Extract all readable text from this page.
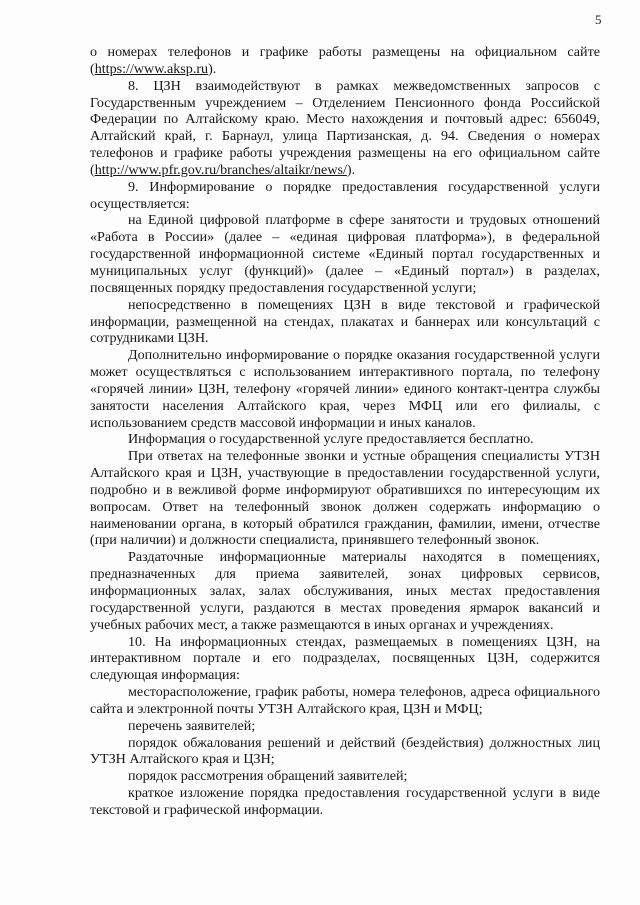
5

о номерах телефонов и графике работы размещены на официальном сайте (https://www.aksp.ru).

8. ЦЗН взаимодействуют в рамках межведомственных запросов с Государственным учреждением – Отделением Пенсионного фонда Российской Федерации по Алтайскому краю. Место нахождения и почтовый адрес: 656049, Алтайский край, г. Барнаул, улица Партизанская, д. 94. Сведения о номерах телефонов и графике работы учреждения размещены на его официальном сайте (http://www.pfr.gov.ru/branches/altaikr/news/).

9. Информирование о порядке предоставления государственной услуги осуществляется:

на Единой цифровой платформе в сфере занятости и трудовых отношений «Работа в России» (далее – «единая цифровая платформа»), в федеральной государственной информационной системе «Единый портал государственных и муниципальных услуг (функций)» (далее – «Единый портал») в разделах, посвященных порядку предоставления государственной услуги;

непосредственно в помещениях ЦЗН в виде текстовой и графической информации, размещенной на стендах, плакатах и баннерах или консультаций с сотрудниками ЦЗН.

Дополнительно информирование о порядке оказания государственной услуги может осуществляться с использованием интерактивного портала, по телефону «горячей линии» ЦЗН, телефону «горячей линии» единого контакт-центра службы занятости населения Алтайского края, через МФЦ или его филиалы, с использованием средств массовой информации и иных каналов.

Информация о государственной услуге предоставляется бесплатно.

При ответах на телефонные звонки и устные обращения специалисты УТЗН Алтайского края и ЦЗН, участвующие в предоставлении государственной услуги, подробно и в вежливой форме информируют обратившихся по интересующим их вопросам. Ответ на телефонный звонок должен содержать информацию о наименовании органа, в который обратился гражданин, фамилии, имени, отчестве (при наличии) и должности специалиста, принявшего телефонный звонок.

Раздаточные информационные материалы находятся в помещениях, предназначенных для приема заявителей, зонах цифровых сервисов, информационных залах, залах обслуживания, иных местах предоставления государственной услуги, раздаются в местах проведения ярмарок вакансий и учебных рабочих мест, а также размещаются в иных органах и учреждениях.

10. На информационных стендах, размещаемых в помещениях ЦЗН, на интерактивном портале и его подразделах, посвященных ЦЗН, содержится следующая информация:

месторасположение, график работы, номера телефонов, адреса официального сайта и электронной почты УТЗН Алтайского края, ЦЗН и МФЦ;

перечень заявителей;

порядок обжалования решений и действий (бездействия) должностных лиц УТЗН Алтайского края и ЦЗН;

порядок рассмотрения обращений заявителей;

краткое изложение порядка предоставления государственной услуги в виде текстовой и графической информации.
